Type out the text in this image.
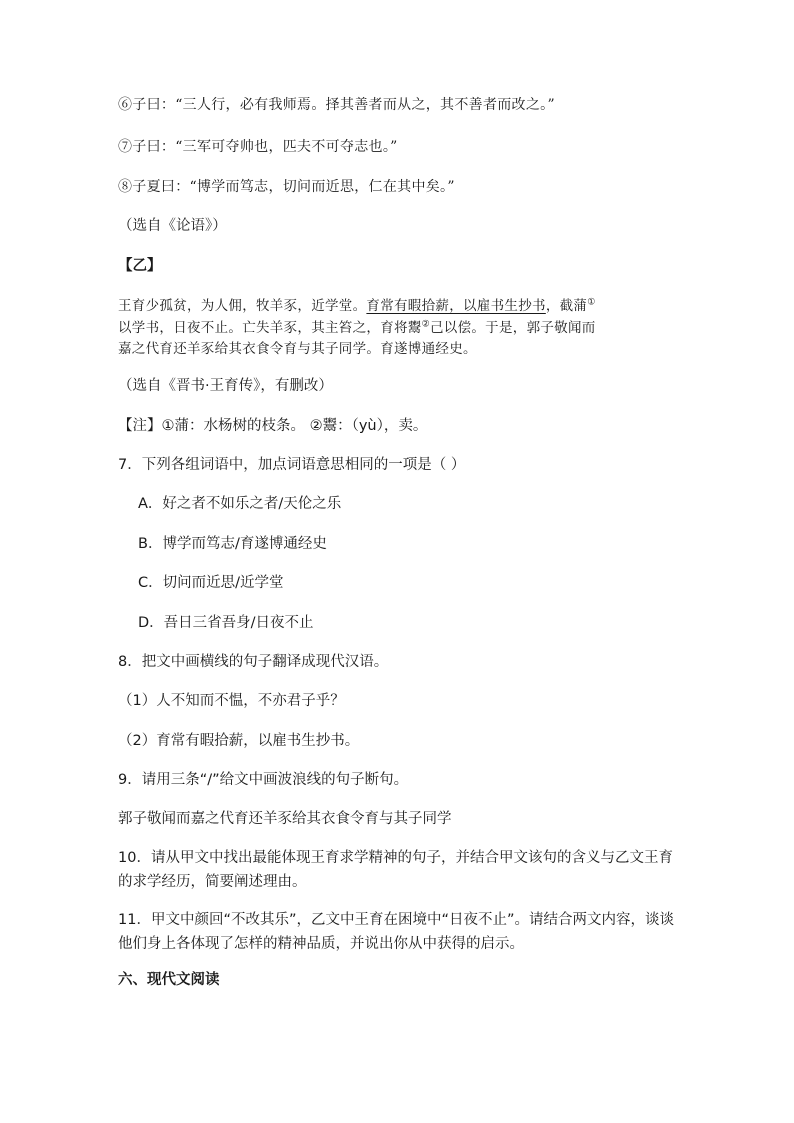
⑥子曰：“三人行，必有我师焉。择其善者而从之，其不善者而改之。”
⑦子曰：“三军可夺帅也，匹夫不可夺志也。”
⑧子夏曰：“博学而笃志，切问而近思，仁在其中矣。”
（选自《论语》）
【乙】
王育少孤贫，为人佣，牧羊豕，近学堂。育常有暇拾薪，以雇书生抄书，截蒲①
以学书，日夜不止。亡失羊豕，其主笞之，育将鬻②己以偿。于是，郭子敬闻而
嘉之代育还羊豕给其衣食令育与其子同学。育遂博通经史。
（选自《晋书·王育传》，有删改）
【注】①蒲：水杨树的枝条。 ②鬻：（yù），卖。
7．下列各组词语中，加点词语意思相同的一项是（ ）
A．好之者不如乐之者/天伦之乐
B．博学而笃志/育遂博通经史
C．切问而近思/近学堂
D．吾日三省吾身/日夜不止
8．把文中画横线的句子翻译成现代汉语。
（1）人不知而不愠，不亦君子乎？
（2）育常有暇拾薪，以雇书生抄书。
9．请用三条“/”给文中画波浪线的句子断句。
郭子敬闻而嘉之代育还羊豕给其衣食令育与其子同学
10．请从甲文中找出最能体现王育求学精神的句子，并结合甲文该句的含义与乙文王育的求学经历，简要阐述理由。
11．甲文中颜回“不改其乐”，乙文中王育在困境中“日夜不止”。请结合两文内容，谈谈他们身上各体现了怎样的精神品质，并说出你从中获得的启示。
六、现代文阅读
